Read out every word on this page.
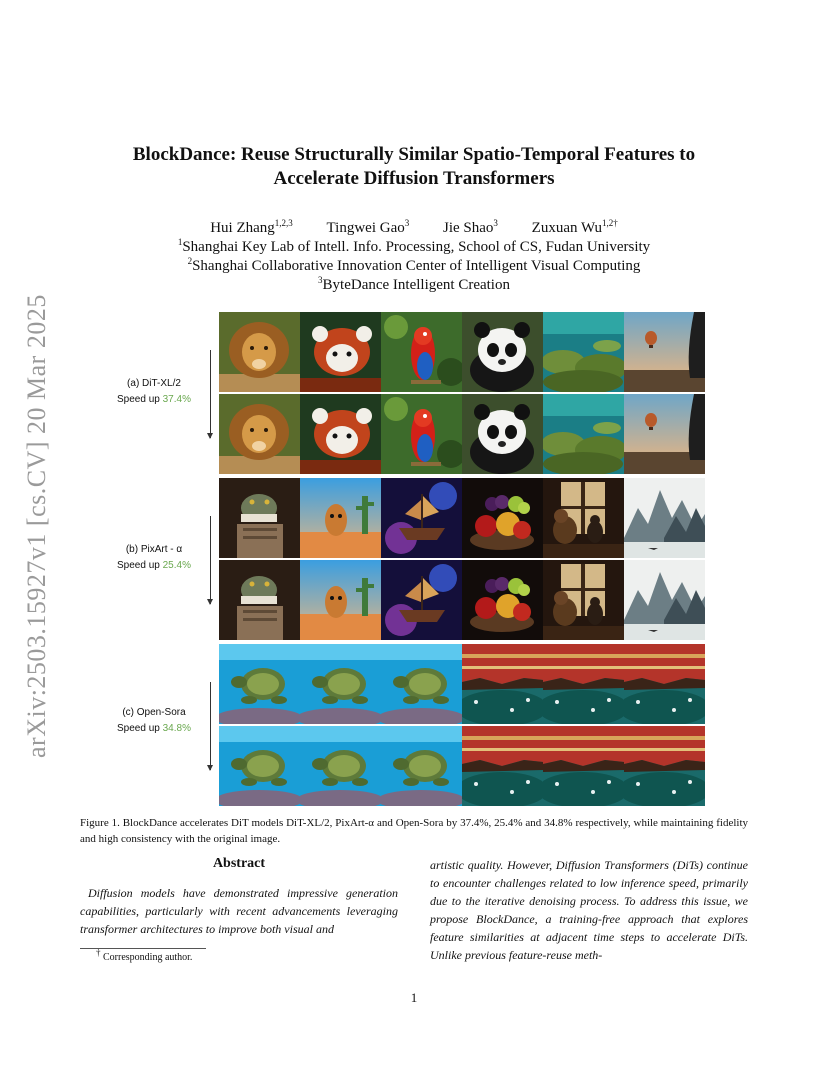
arXiv:2503.15927v1 [cs.CV] 20 Mar 2025
BlockDance: Reuse Structurally Similar Spatio-Temporal Features to
Accelerate Diffusion Transformers
Hui Zhang$^{1,2,3}$ Tingwei Gao$^3$ Jie Shao$^3$ Zuxuan $Wu^{1,2\dagger}$
$^1$Shanghai Key Lab of Intell. Info. Processing, School of CS, Fudan University
$^2$Shanghai Collaborative Innovation Center of Intelligent Visual Computing
$^3$ByteDance Intelligent Creation
(a) DiT-XL/2
Speed up 37.4%
(b) PixArt - α
Speed up 25.4%
(c) Open-Sora
Speed up 34.8%
Figure 1. BlockDance accelerates DiT models DiT-XL/2, PixArt-α and Open-Sora by 37.4%, 25.4% and 34.8% respectively, while maintaining fidelity and high consistency with the original image.
Abstract
Diffusion models have demonstrated impressive generation capabilities, particularly with recent advancements leveraging transformer architectures to improve both visual and
artistic quality. However, Diffusion Transformers (DiTs) continue to encounter challenges related to low inference speed, primarily due to the iterative denoising process. To address this issue, we propose BlockDance, a training-free approach that explores feature similarities at adjacent time steps to accelerate DiTs. Unlike previous feature-reuse meth-
† Corresponding author.
1
